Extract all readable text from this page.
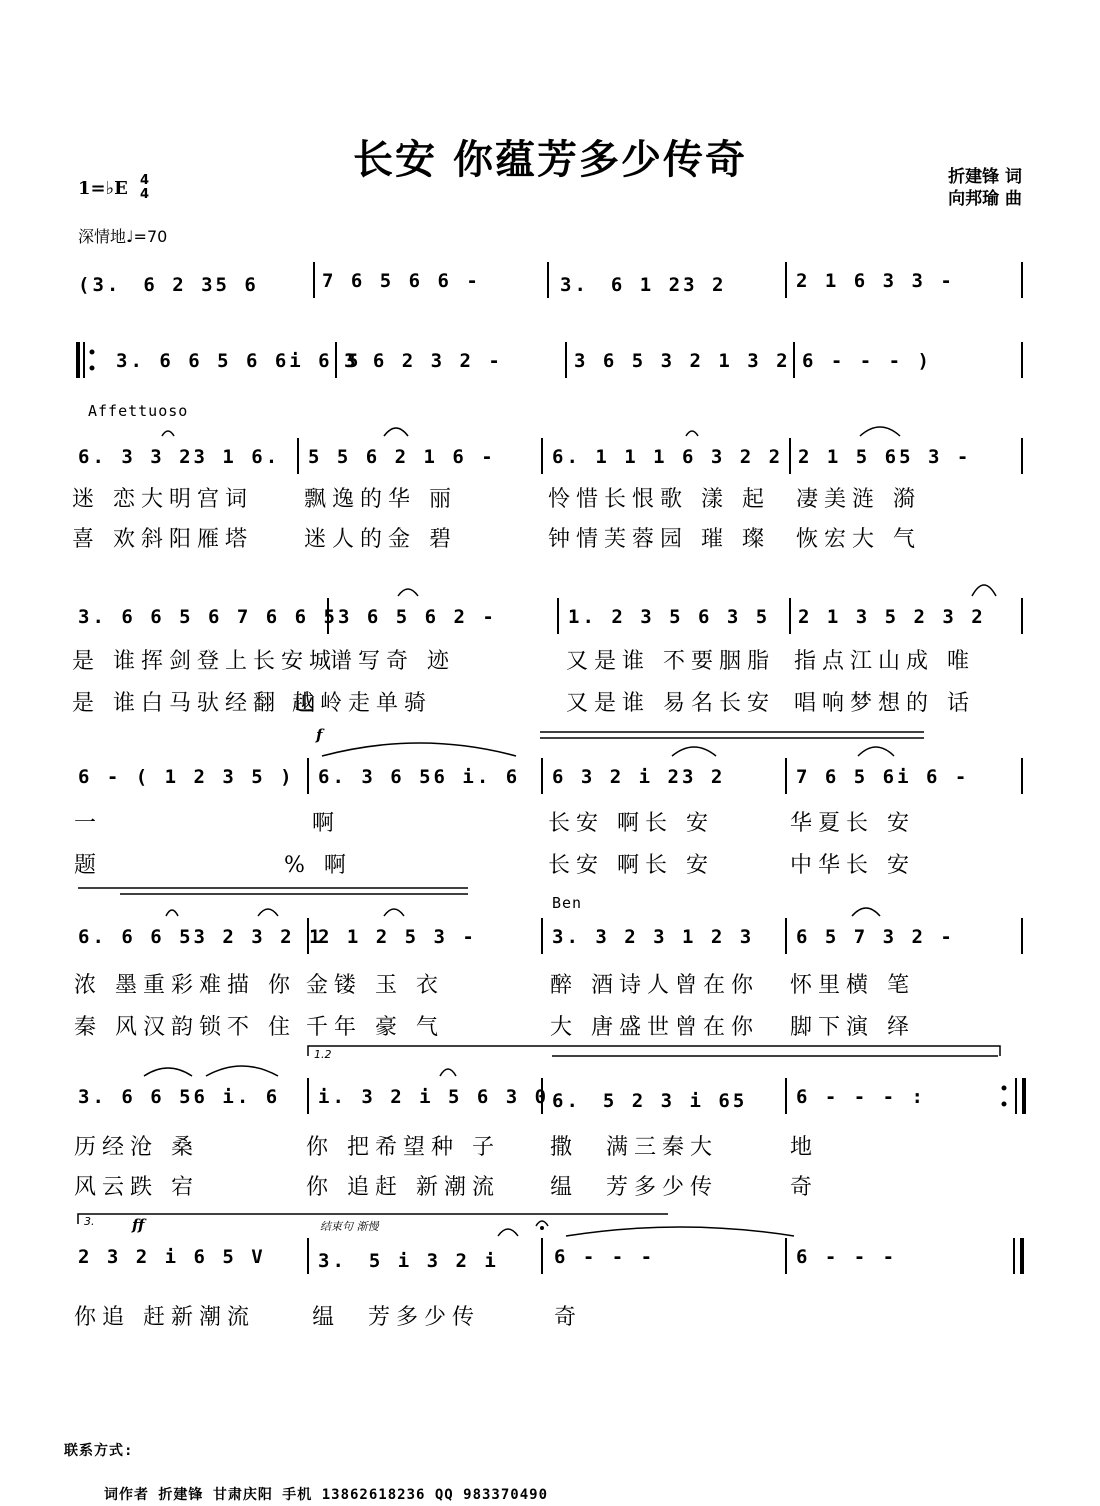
长安 你蕴芳多少传奇	折建锋 词
向邦瑜 曲
1=♭E 4
4
深情地♩=70
Affettuoso
f
Ben
1.2
3.	ff	结束句 渐慢
(3.　6 2 35 6	7 6 5 6 6 -	3.　6 1 23 2	2 1 6 3 3 -
3. 6 6 5 6 6i 6 5
3 6 2 3 2 -	3 6 5 3 2 1 3 2 6 - - - )
6. 3 3 23 1 6. 5 5 6 2 1 6 -	6. 1 1 1 6 3 2 2 2 1 5 65 3 -
迷 恋大明宫词 飘逸的华 丽	怜惜长恨歌 漾 起 凄美涟 漪
喜 欢斜阳雁塔 迷人的金 碧	钟情芙蓉园 璀 璨 恢宏大 气
3. 6 6 5 6 7 6 6 5 3 6 5 6 2 -	1. 2 3 5 6 3 5 2 1 3 5 2 3 2
是 谁挥剑登上长安城
谱写奇 迹	又是谁 不要胭脂 指点江山成 唯
是 谁白马驮经翻 山
越岭走单骑	又是谁 易名长安 唱响梦想的 话
6 - ( 1 2 3 5 ) 6. 3 6 56 i. 6 6 3 2 i 23 2	7 6 5 6i 6 -
一	啊	长安 啊长 安	华夏长 安
题	% 啊	长安 啊长 安	中华长 安
6. 6 6 53 2 3 2 1
2 1 2 5 3 -	3. 3 2 3 1 2 3 6 5 7 3 2 -
浓 墨重彩难描 你 金镂 玉 衣	醉 酒诗人曾在你 怀里横 笔
秦 风汉韵锁不 住 千年 豪 气	大 唐盛世曾在你 脚下演 绎
3. 6 6 56 i. 6 i. 3 2 i 5 6 3 0 6.　5 2 3 i 65	6 - - - :
历经沧 桑	你 把希望种 子 撒　满三秦大	地
风云跌 宕	你 追赶 新潮流 缊　芳多少传	奇
2 3 2 i 6 5 V	3.　5 i 3 2 i	6 - - -	6 - - -
你追 赶新潮流	缊　芳多少传	奇
联系方式:
词作者 折建锋 甘肃庆阳 手机 13862618236 QQ 983370490
